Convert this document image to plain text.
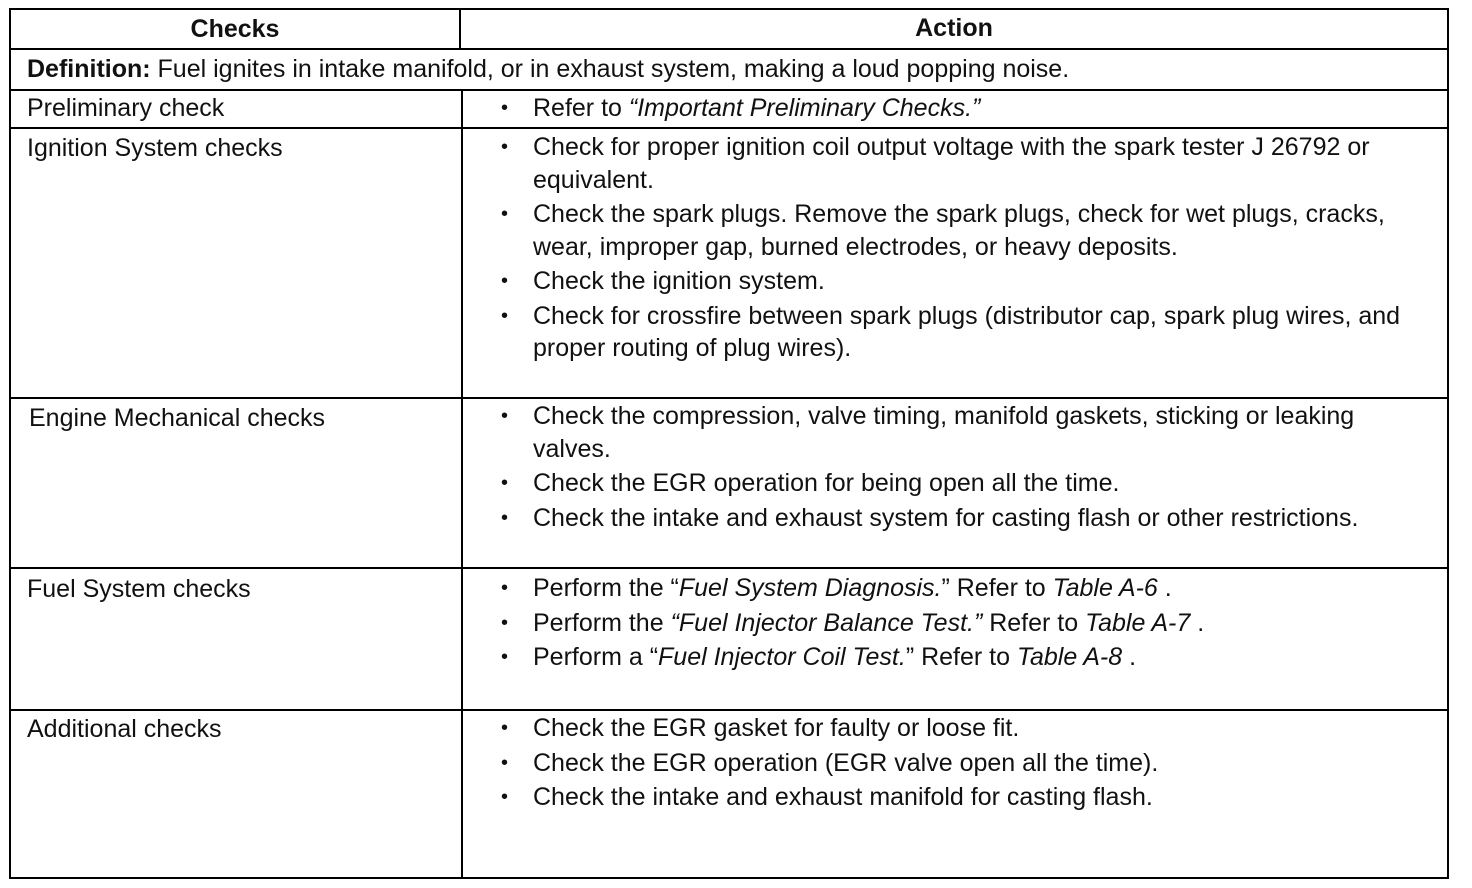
Checks	Action
Definition: Fuel ignites in intake manifold, or in exhaust system, making a loud popping noise.
Preliminary check
Ignition System checks
Engine Mechanical checks
Fuel System checks
Additional checks
• Refer to “Important Preliminary Checks.”
• Check for proper ignition coil output voltage with the spark tester J 26792 or equivalent.
• Check the spark plugs. Remove the spark plugs, check for wet plugs, cracks, wear, improper gap, burned electrodes, or heavy deposits.
• Check the ignition system.
• Check for crossfire between spark plugs (distributor cap, spark plug wires, and proper routing of plug wires).
• Check the compression, valve timing, manifold gaskets, sticking or leaking valves.
• Check the EGR operation for being open all the time.
• Check the intake and exhaust system for casting flash or other restrictions.
• Perform the “Fuel System Diagnosis.” Refer to Table A-6 .
• Perform the “Fuel Injector Balance Test.” Refer to Table A-7 .
• Perform a “Fuel Injector Coil Test.” Refer to Table A-8 .
• Check the EGR gasket for faulty or loose fit.
• Check the EGR operation (EGR valve open all the time).
• Check the intake and exhaust manifold for casting flash.
